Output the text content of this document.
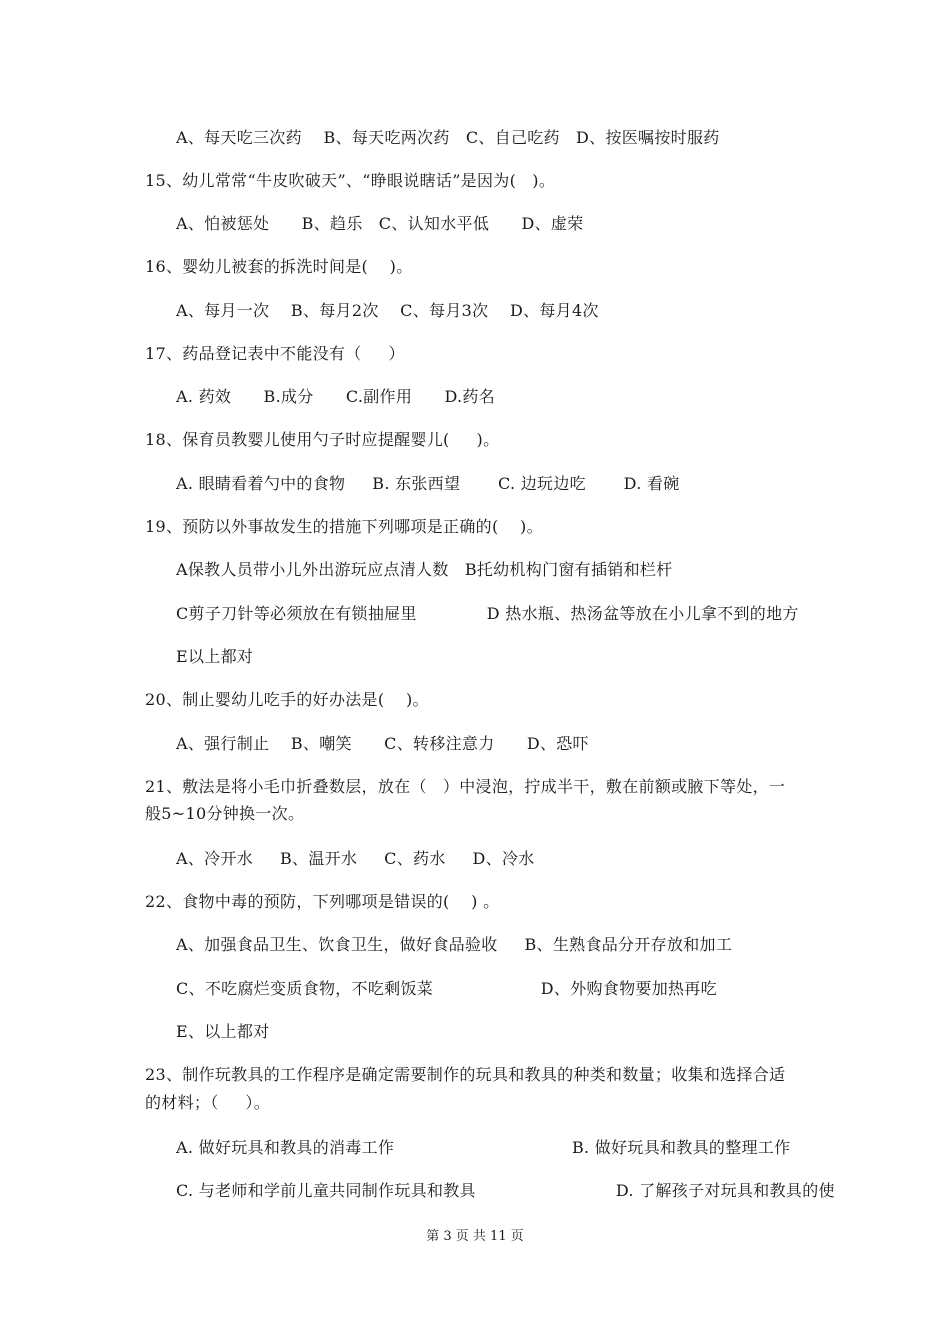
A、每天吃三次药    B、每天吃两次药   C、自己吃药   D、按医嘱按时服药
15、幼儿常常“牛皮吹破天”、“睁眼说瞎话”是因为(   )。
A、怕被惩处      B、趋乐   C、认知水平低      D、虚荣
16、婴幼儿被套的拆洗时间是(    )。
A、每月一次    B、每月2次    C、每月3次    D、每月4次
17、药品登记表中不能没有（     ）
A. 药效      B.成分      C.副作用      D.药名
18、保育员教婴儿使用勺子时应提醒婴儿(     )。
A. 眼睛看着勺中的食物     B. 东张西望       C. 边玩边吃       D. 看碗
19、预防以外事故发生的措施下列哪项是正确的(    )。
A保教人员带小儿外出游玩应点清人数   B托幼机构门窗有插销和栏杆
C剪子刀针等必须放在有锁抽屉里             D 热水瓶、热汤盆等放在小儿拿不到的地方
E以上都对
20、制止婴幼儿吃手的好办法是(    )。
A、强行制止    B、嘲笑      C、转移注意力      D、恐吓
21、敷法是将小毛巾折叠数层，放在（   ）中浸泡，拧成半干，敷在前额或腋下等处，一
般5~10分钟换一次。
A、冷开水     B、温开水     C、药水     D、冷水
22、食物中毒的预防，下列哪项是错误的(    ) 。
A、加强食品卫生、饮食卫生，做好食品验收     B、生熟食品分开存放和加工
C、不吃腐烂变质食物，不吃剩饭菜                    D、外购食物要加热再吃
E、以上都对
23、制作玩教具的工作程序是确定需要制作的玩具和教具的种类和数量；收集和选择合适
的材料；（     ）。
A. 做好玩具和教具的消毒工作                                 B. 做好玩具和教具的整理工作
C. 与老师和学前儿童共同制作玩具和教具                          D. 了解孩子对玩具和教具的使
第 3 页 共 11 页
